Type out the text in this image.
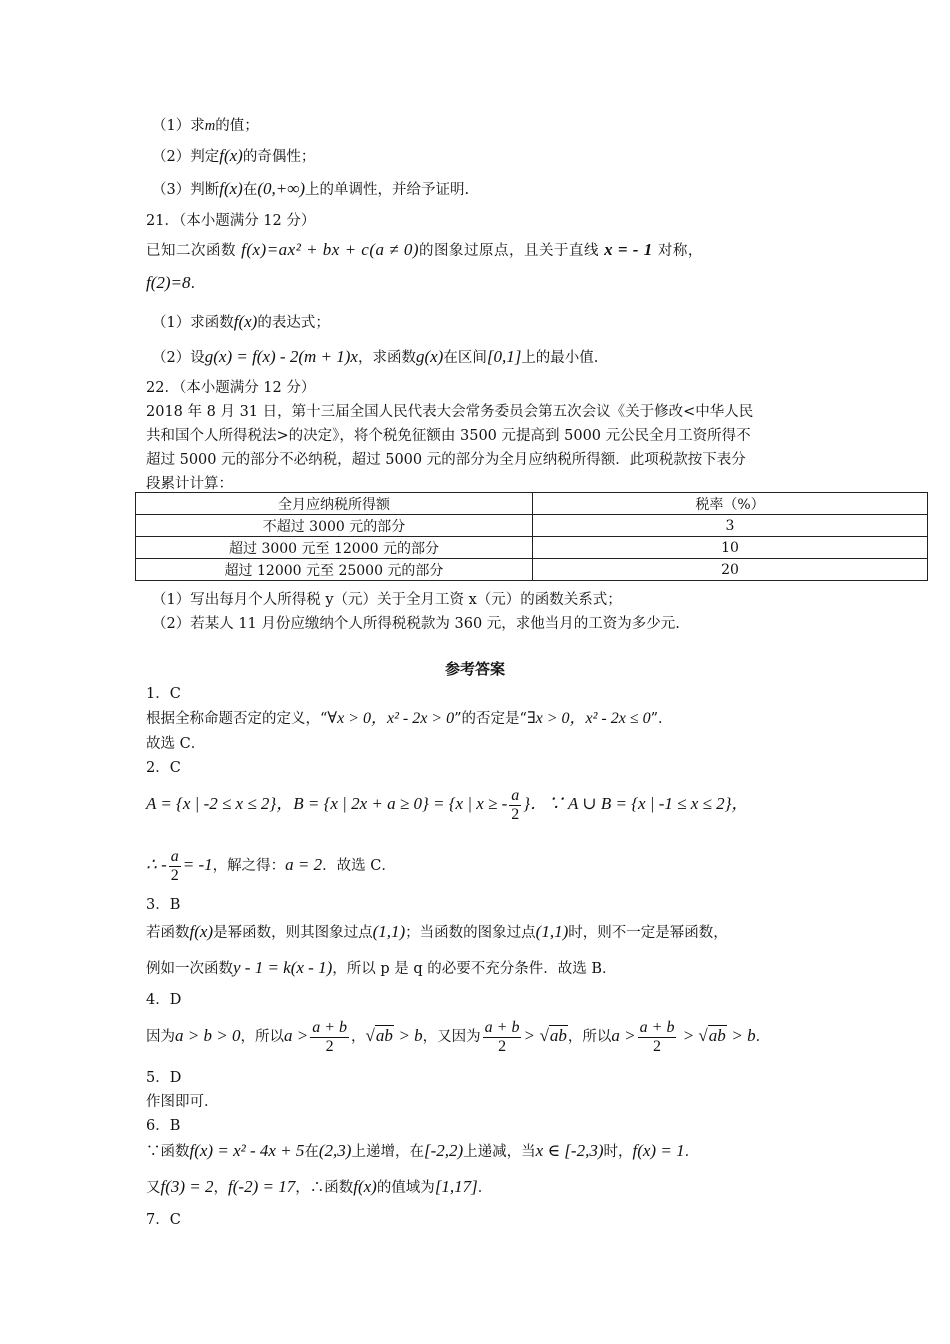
（1）求m的值；
（2）判定f(x)的奇偶性；
（3）判断f(x)在(0,+∞)上的单调性，并给予证明.
21．（本小题满分 12 分）
已知二次函数 f(x)=ax² + bx + c(a ≠ 0)的图象过原点，且关于直线 x = - 1 对称，
f(2)=8.
（1）求函数f(x)的表达式；
（2）设g(x) = f(x) - 2(m + 1)x，求函数g(x)在区间[0,1]上的最小值.
22．（本小题满分 12 分）
2018 年 8 月 31 日，第十三届全国人民代表大会常务委员会第五次会议《关于修改<中华人民
共和国个人所得税法>的决定》，将个税免征额由 3500 元提高到 5000 元公民全月工资所得不
超过 5000 元的部分不必纳税，超过 5000 元的部分为全月应纳税所得额．此项税款按下表分
段累计计算：
全月应纳税所得额	税率（%）
不超过 3000 元的部分	3
超过 3000 元至 12000 元的部分	10
超过 12000 元至 25000 元的部分	20
（1）写出每月个人所得税 y（元）关于全月工资 x（元）的函数关系式；
（2）若某人 11 月份应缴纳个人所得税税款为 360 元，求他当月的工资为多少元.
参考答案
1．C
根据全称命题否定的定义，“∀x > 0，x² - 2x > 0”的否定是“∃x > 0，x² - 2x ≤ 0”．
故选 C．
2．C
A = {x | -2 ≤ x ≤ 2}，B = {x | 2x + a ≥ 0} = {x | x ≥ - $\frac{a}{2}$ }．∵ A ∪ B = {x | -1 ≤ x ≤ 2}，
∴ - $\frac{a}{2} = -1$，解之得：a = 2．故选 C．
3．B
若函数f(x)是幂函数，则其图象过点(1,1)；当函数的图象过点(1,1)时，则不一定是幂函数，
例如一次函数y - 1 = k(x - 1)，所以 p 是 q 的必要不充分条件．故选 B．
4．D
因为a > b > 0，所以$a > \frac{a + b}{2}$ ，√ab > b，又因为 $\frac{a + b}{2} > √ab$，所以$a > \frac{a + b}{2} > √ab > b$．
5．D
作图即可．
6．B
∵函数f(x) = x² - 4x + 5在(2,3)上递增，在[-2,2)上递减，当x ∈ [-2,3)时，f(x) = 1．
又f(3) = 2，f(-2) = 17，∴函数f(x)的值域为[1,17]．
7．C
